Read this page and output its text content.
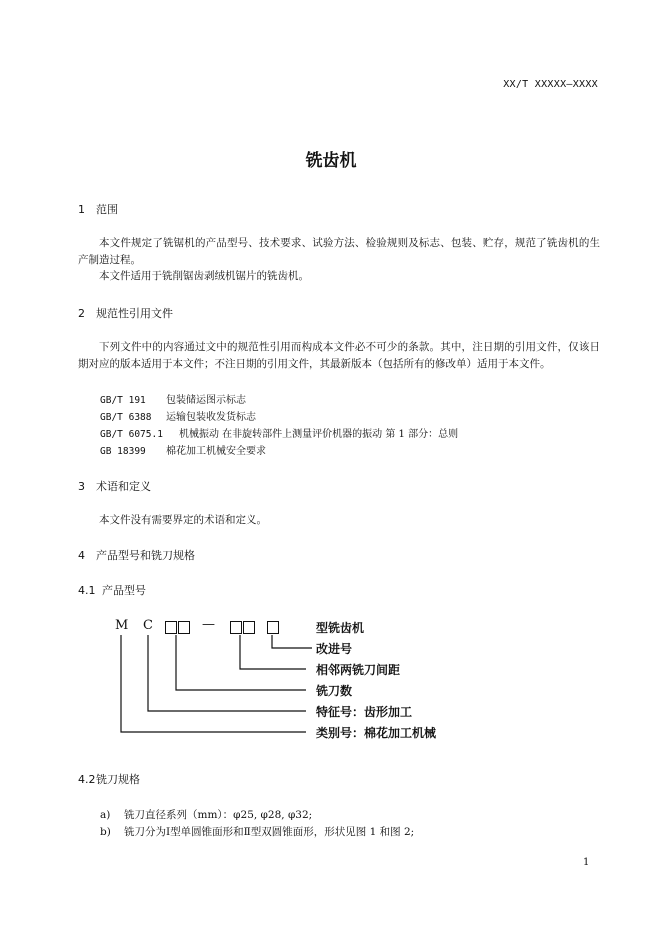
XX/T XXXXX—XXXX
铣齿机
1 范围
本文件规定了铣锯机的产品型号、技术要求、试验方法、检验规则及标志、包装、贮存，规范了铣齿机的生产制造过程。
本文件适用于铣削锯齿剥绒机锯片的铣齿机。
2 规范性引用文件
下列文件中的内容通过文中的规范性引用而构成本文件必不可少的条款。其中，注日期的引用文件，仅该日期对应的版本适用于本文件；不注日期的引用文件，其最新版本（包括所有的修改单）适用于本文件。
GB/T 191 包装储运图示标志
GB/T 6388 运输包装收发货标志
GB/T 6075.1 机械振动 在非旋转部件上测量评价机器的振动 第 1 部分：总则
GB 18399 棉花加工机械安全要求
3 术语和定义
本文件没有需要界定的术语和定义。
4 产品型号和铣刀规格
4.1 产品型号
M C	—	型铣齿机
改进号
相邻两铣刀间距
铣刀数
特征号：齿形加工
类别号：棉花加工机械
4.2铣刀规格
a) 铣刀直径系列（mm）：φ25, φ28, φ32;
b) 铣刀分为Ⅰ型单圆锥面形和Ⅱ型双圆锥面形，形状见图 1 和图 2;
1
